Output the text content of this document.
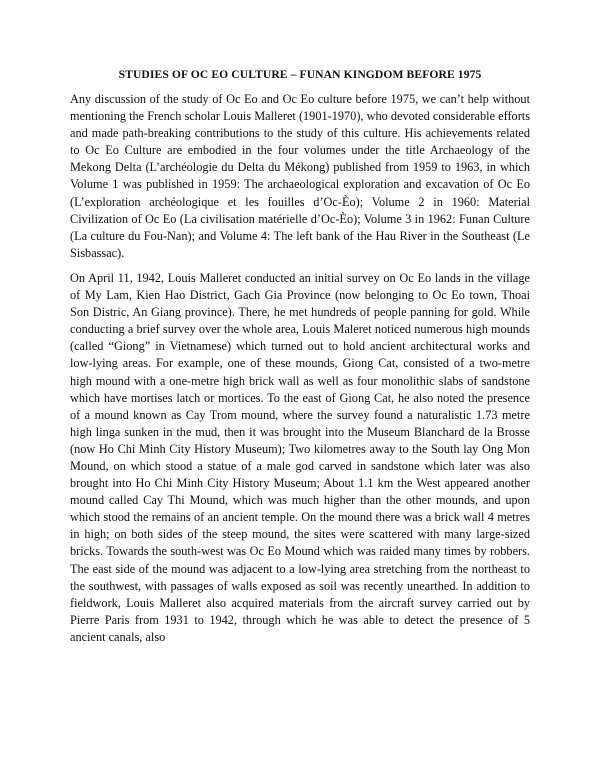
STUDIES OF OC EO CULTURE – FUNAN KINGDOM BEFORE 1975

Any discussion of the study of Oc Eo and Oc Eo culture before 1975, we can’t help without mentioning the French scholar Louis Malleret (1901-1970), who devoted considerable efforts and made path-breaking contributions to the study of this culture. His achievements related to Oc Eo Culture are embodied in the four volumes under the title Archaeology of the Mekong Delta (L’archéologie du Delta du Mékong) published from 1959 to 1963, in which Volume 1 was published in 1959: The archaeological exploration and excavation of Oc Eo (L’exploration archéologique et les fouilles d’Oc-Èo); Volume 2 in 1960: Material Civilization of Oc Eo (La civilisation matérielle d’Oc-Èo); Volume 3 in 1962: Funan Culture (La culture du Fou-Nan); and Volume 4: The left bank of the Hau River in the Southeast (Le Sisbassac).

On April 11, 1942, Louis Malleret conducted an initial survey on Oc Eo lands in the village of My Lam, Kien Hao District, Gach Gia Province (now belonging to Oc Eo town, Thoai Son Distric, An Giang province). There, he met hundreds of people panning for gold. While conducting a brief survey over the whole area, Louis Maleret noticed numerous high mounds (called “Giong” in Vietnamese) which turned out to hold ancient architectural works and low-lying areas. For example, one of these mounds, Giong Cat, consisted of a two-metre high mound with a one-metre high brick wall as well as four monolithic slabs of sandstone which have mortises latch or mortices. To the east of Giong Cat, he also noted the presence of a mound known as Cay Trom mound, where the survey found a naturalistic 1.73 metre high linga sunken in the mud, then it was brought into the Museum Blanchard de la Brosse (now Ho Chi Minh City History Museum); Two kilometres away to the South lay Ong Mon Mound, on which stood a statue of a male god carved in sandstone which later was also brought into Ho Chi Minh City History Museum; About 1.1 km the West appeared another mound called Cay Thi Mound, which was much higher than the other mounds, and upon which stood the remains of an ancient temple. On the mound there was a brick wall 4 metres in high; on both sides of the steep mound, the sites were scattered with many large-sized bricks. Towards the south-west was Oc Eo Mound which was raided many times by robbers. The east side of the mound was adjacent to a low-lying area stretching from the northeast to the southwest, with passages of walls exposed as soil was recently unearthed. In addition to fieldwork, Louis Malleret also acquired materials from the aircraft survey carried out by Pierre Paris from 1931 to 1942, through which he was able to detect the presence of 5 ancient canals, also
